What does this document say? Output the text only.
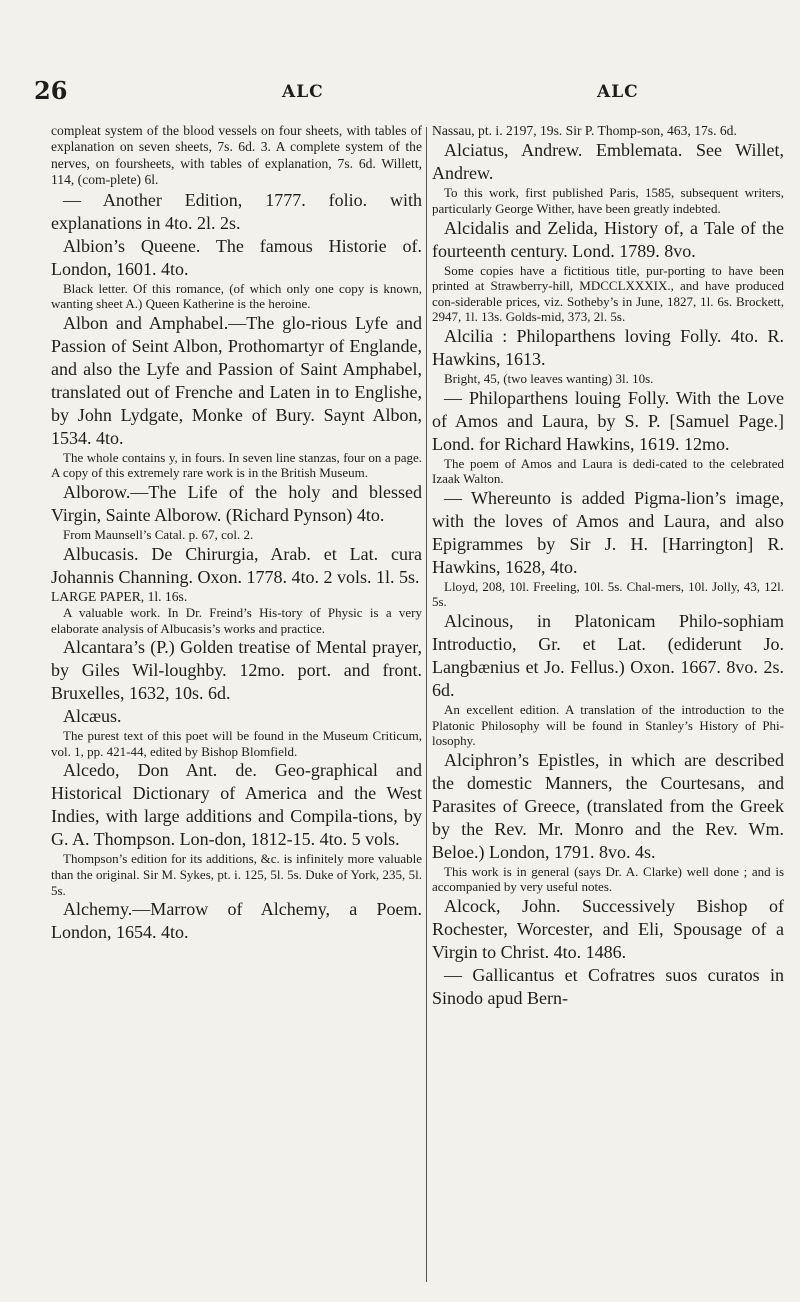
26	ALC	ALC

compleat system of the blood vessels on four sheets, with tables of explanation on seven sheets, 7s. 6d. 3. A complete system of the nerves, on foursheets, with tables of explanation, 7s. 6d. Willett, 114, (com-plete) 6l.

— Another Edition, 1777. folio. with explanations in 4to. 2l. 2s.

Albion’s Queene. The famous Historie of. London, 1601. 4to.

Black letter. Of this romance, (of which only one copy is known, wanting sheet A.) Queen Katherine is the heroine.

Albon and Amphabel.—The glo-rious Lyfe and Passion of Seint Albon, Prothomartyr of Englande, and also the Lyfe and Passion of Saint Amphabel, translated out of Frenche and Laten in to Englishe, by John Lydgate, Monke of Bury. Saynt Albon, 1534. 4to.

The whole contains y, in fours. In seven line stanzas, four on a page. A copy of this extremely rare work is in the British Museum.

Alborow.—The Life of the holy and blessed Virgin, Sainte Alborow. (Richard Pynson) 4to.

From Maunsell’s Catal. p. 67, col. 2.

Albucasis. De Chirurgia, Arab. et Lat. cura Johannis Channing. Oxon. 1778. 4to. 2 vols. 1l. 5s.

LARGE PAPER, 1l. 16s.

A valuable work. In Dr. Freind’s His-tory of Physic is a very elaborate analysis of Albucasis’s works and practice.

Alcantara’s (P.) Golden treatise of Mental prayer, by Giles Wil-loughby. 12mo. port. and front. Bruxelles, 1632, 10s. 6d.

Alcæus.

The purest text of this poet will be found in the Museum Criticum, vol. 1, pp. 421-44, edited by Bishop Blomfield.

Alcedo, Don Ant. de. Geo-graphical and Historical Dictionary of America and the West Indies, with large additions and Compila-tions, by G. A. Thompson. Lon-don, 1812-15. 4to. 5 vols.

Thompson’s edition for its additions, &c. is infinitely more valuable than the original. Sir M. Sykes, pt. i. 125, 5l. 5s. Duke of York, 235, 5l. 5s.

Alchemy.—Marrow of Alchemy, a Poem. London, 1654. 4to.

Nassau, pt. i. 2197, 19s. Sir P. Thomp-son, 463, 17s. 6d.

Alciatus, Andrew. Emblemata. See Willet, Andrew.

To this work, first published Paris, 1585, subsequent writers, particularly George Wither, have been greatly indebted.

Alcidalis and Zelida, History of, a Tale of the fourteenth century. Lond. 1789. 8vo.

Some copies have a fictitious title, pur-porting to have been printed at Strawberry-hill, MDCCLXXXIX., and have produced con-siderable prices, viz. Sotheby’s in June, 1827, 1l. 6s. Brockett, 2947, 1l. 13s. Golds-mid, 373, 2l. 5s.

Alcilia : Philoparthens loving Folly. 4to. R. Hawkins, 1613.

Bright, 45, (two leaves wanting) 3l. 10s.

— Philoparthens louing Folly. With the Love of Amos and Laura, by S. P. [Samuel Page.] Lond. for Richard Hawkins, 1619. 12mo.

The poem of Amos and Laura is dedi-cated to the celebrated Izaak Walton.

— Whereunto is added Pigma-lion’s image, with the loves of Amos and Laura, and also Epigrammes by Sir J. H. [Harrington] R. Hawkins, 1628, 4to.

Lloyd, 208, 10l. Freeling, 10l. 5s. Chal-mers, 10l. Jolly, 43, 12l. 5s.

Alcinous, in Platonicam Philo-sophiam Introductio, Gr. et Lat. (ediderunt Jo. Langbænius et Jo. Fellus.) Oxon. 1667. 8vo. 2s. 6d.

An excellent edition. A translation of the introduction to the Platonic Philosophy will be found in Stanley’s History of Phi-losophy.

Alciphron’s Epistles, in which are described the domestic Manners, the Courtesans, and Parasites of Greece, (translated from the Greek by the Rev. Mr. Monro and the Rev. Wm. Beloe.) London, 1791. 8vo. 4s.

This work is in general (says Dr. A. Clarke) well done ; and is accompanied by very useful notes.

Alcock, John. Successively Bishop of Rochester, Worcester, and Eli, Spousage of a Virgin to Christ. 4to. 1486.

— Gallicantus et Cofratres suos curatos in Sinodo apud Bern-
